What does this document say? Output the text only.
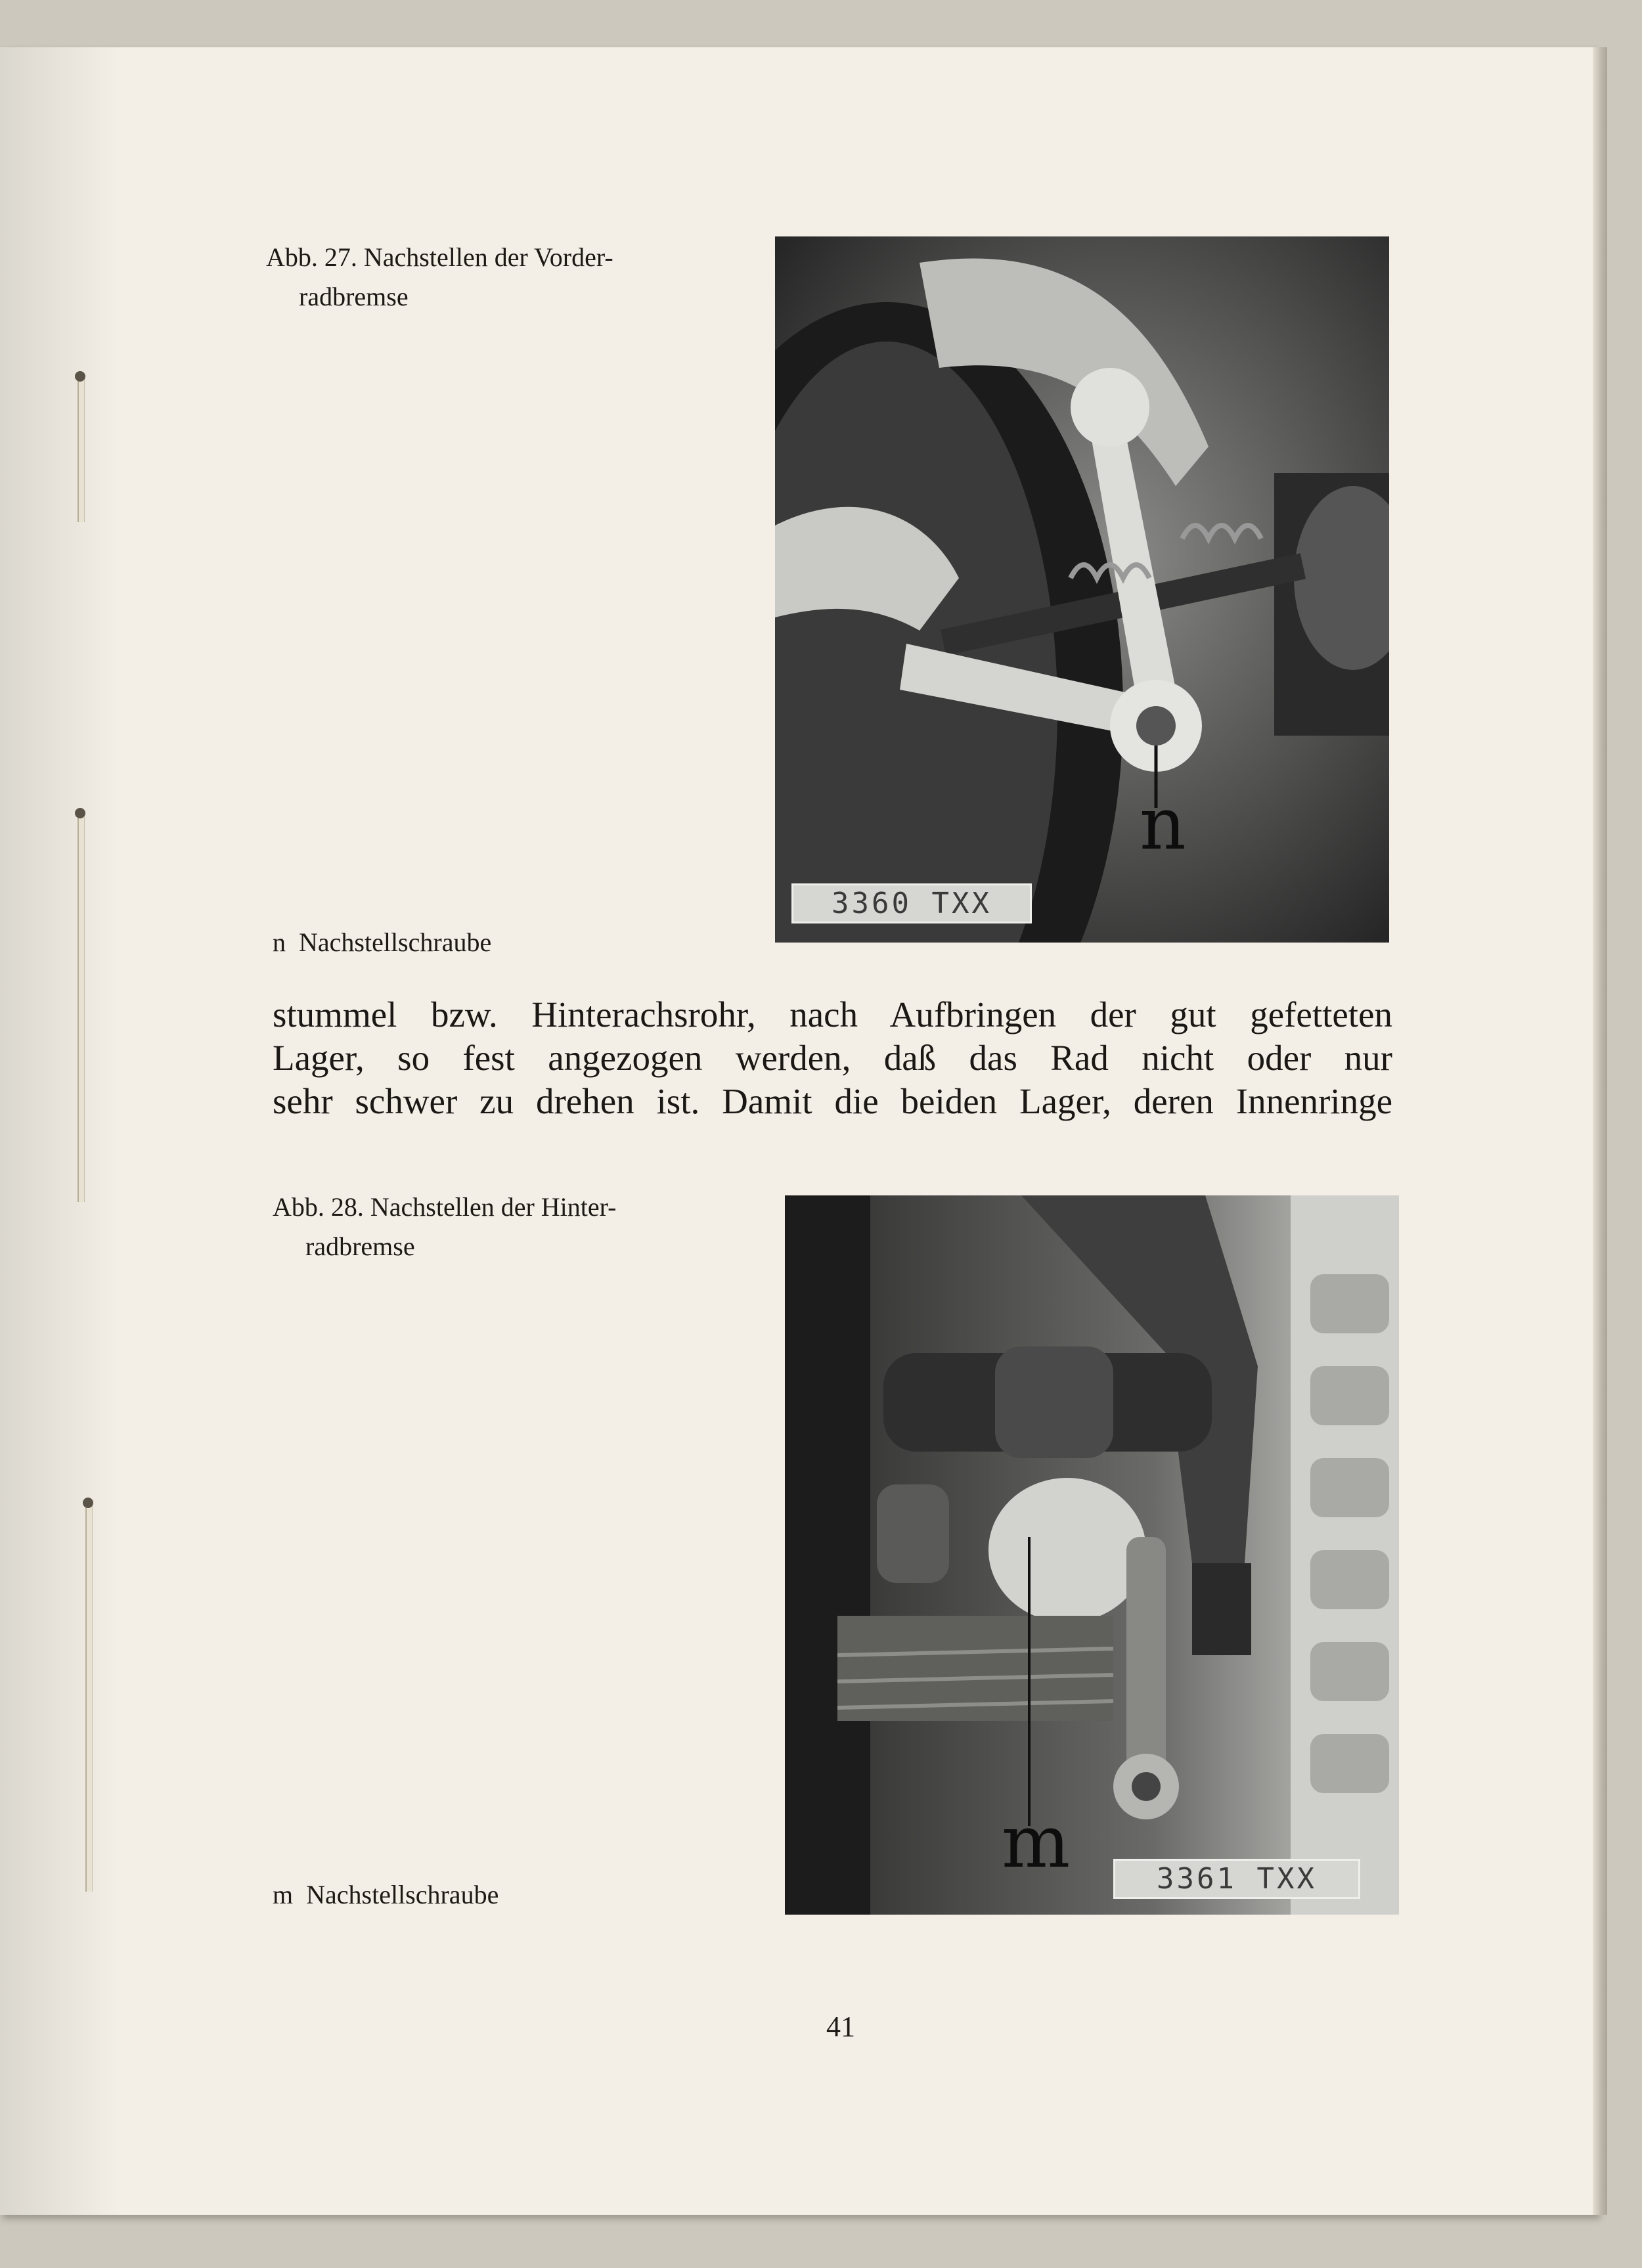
Abb. 27. Nachstellen der Vorder-
radbremse
n
3360 TXX
n  Nachstellschraube
stummel bzw. Hinterachsrohr, nach Aufbringen der gut gefetteten
Lager, so fest angezogen werden, daß das Rad nicht oder nur
sehr schwer zu drehen ist. Damit die beiden Lager, deren Innenringe
Abb. 28. Nachstellen der Hinter-
radbremse
m	3361 TXX
m  Nachstellschraube
41
